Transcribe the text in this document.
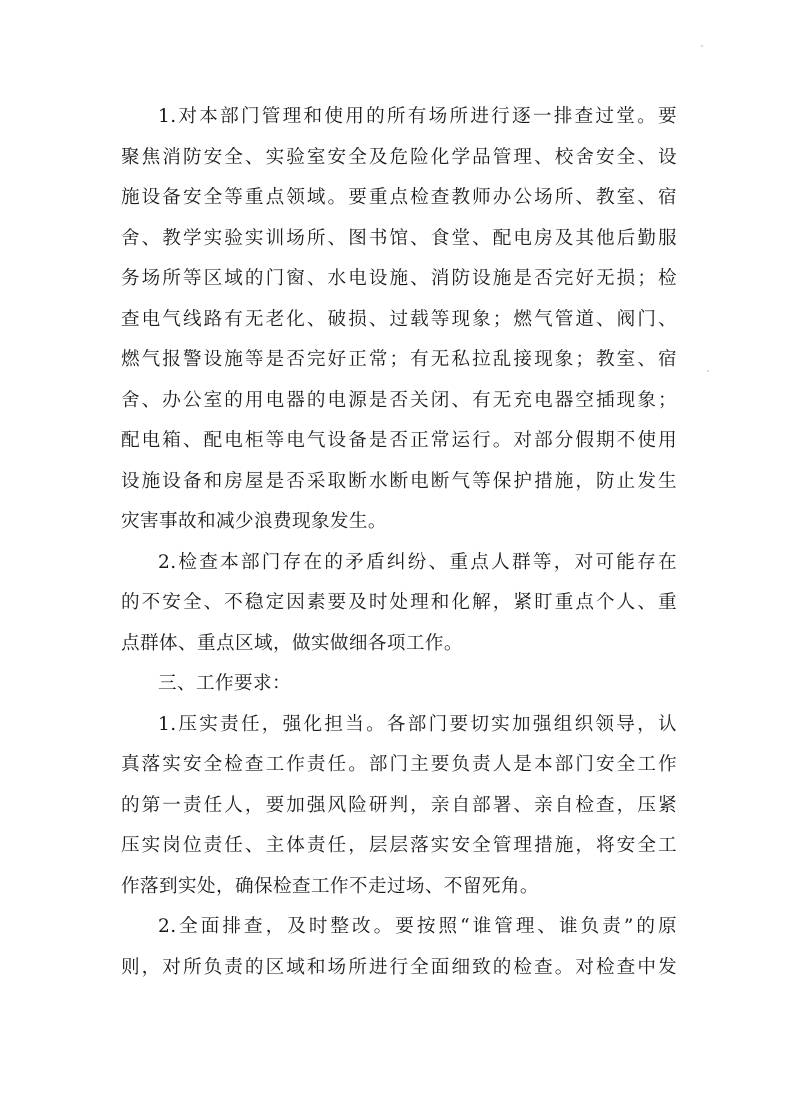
1.对本部门管理和使用的所有场所进行逐一排查过堂。要
聚焦消防安全、实验室安全及危险化学品管理、校舍安全、设
施设备安全等重点领域。要重点检查教师办公场所、教室、宿
舍、教学实验实训场所、图书馆、食堂、配电房及其他后勤服
务场所等区域的门窗、水电设施、消防设施是否完好无损；检
查电气线路有无老化、破损、过载等现象；燃气管道、阀门、
燃气报警设施等是否完好正常；有无私拉乱接现象；教室、宿
舍、办公室的用电器的电源是否关闭、有无充电器空插现象；
配电箱、配电柜等电气设备是否正常运行。对部分假期不使用
设施设备和房屋是否采取断水断电断气等保护措施，防止发生
灾害事故和减少浪费现象发生。

2.检查本部门存在的矛盾纠纷、重点人群等，对可能存在
的不安全、不稳定因素要及时处理和化解，紧盯重点个人、重
点群体、重点区域，做实做细各项工作。

三、工作要求：

1.压实责任，强化担当。各部门要切实加强组织领导，认
真落实安全检查工作责任。部门主要负责人是本部门安全工作
的第一责任人，要加强风险研判，亲自部署、亲自检查，压紧
压实岗位责任、主体责任，层层落实安全管理措施，将安全工
作落到实处，确保检查工作不走过场、不留死角。

2.全面排查，及时整改。要按照“谁管理、谁负责”的原
则，对所负责的区域和场所进行全面细致的检查。对检查中发
